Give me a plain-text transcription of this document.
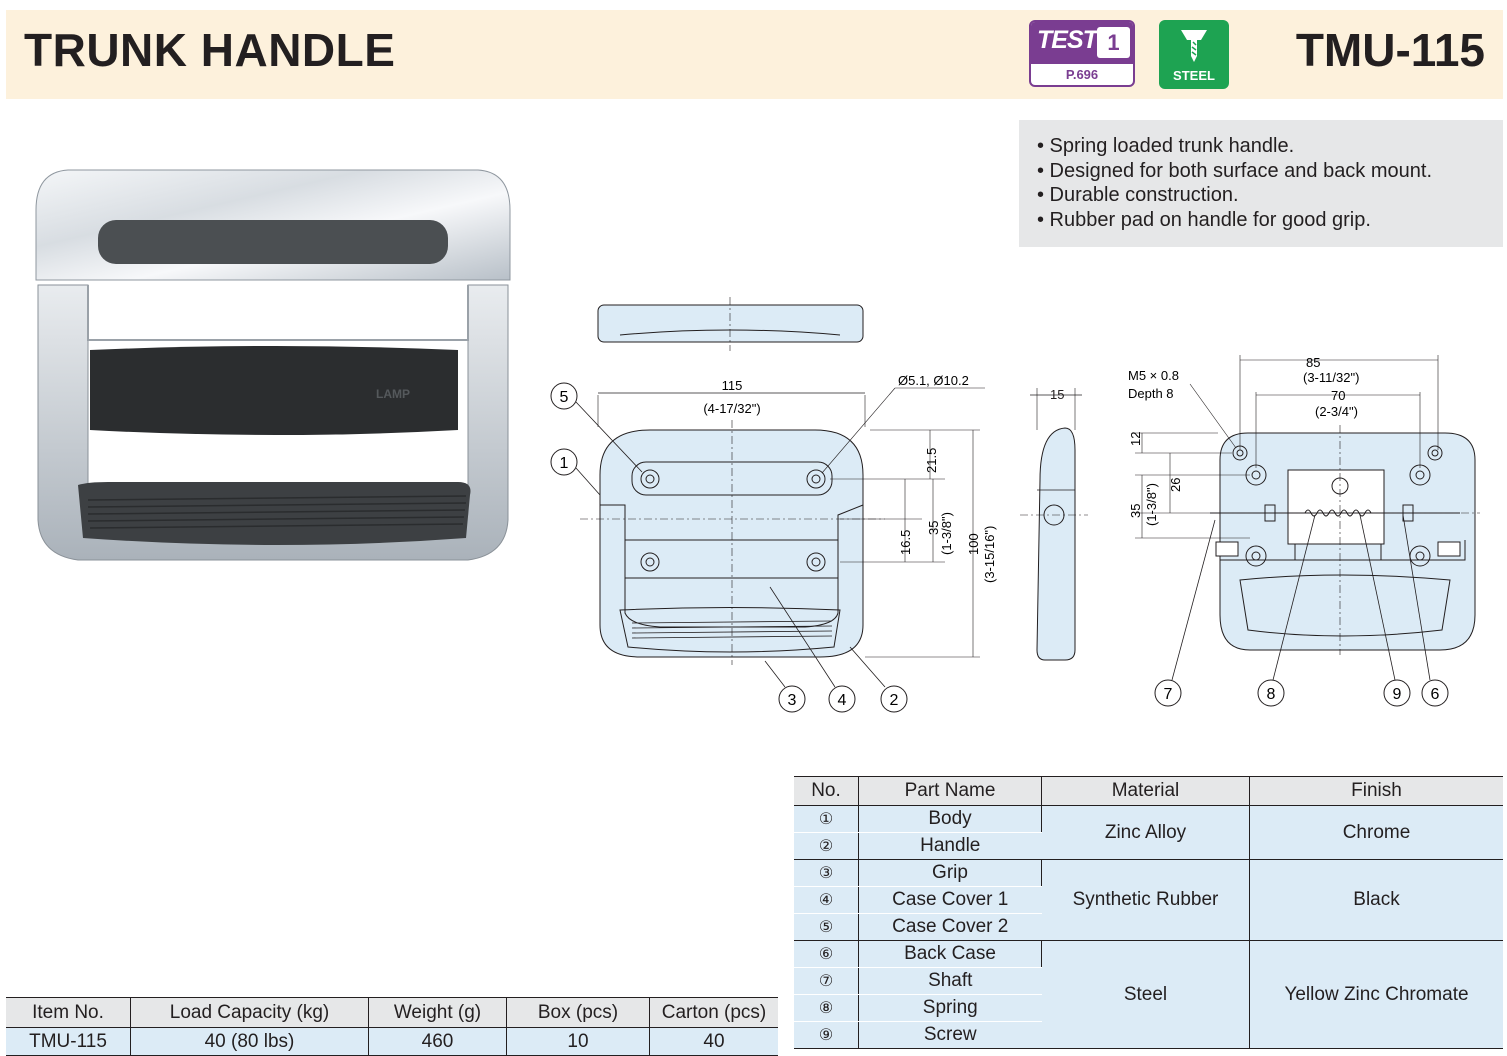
TRUNK HANDLE	TEST 1
P.696	STEEL	TMU-115
• Spring loaded trunk handle.
• Designed for both surface and back mount.
• Durable construction.
• Rubber pad on handle for good grip.
LAMP
115
(4-17/32")
Ø5.1, Ø10.2
21.5
16.5
35
(1-3/8") 100 (3-15/16")
5
1
3	4	2
15
85
(3-11/32")
70
(2-3/4")
M5 × 0.8
Depth 8
12
26
35 (1-3/8")
7	8	9 6
No.	Part Name	Material	Finish
①	Body	Zinc Alloy	Chrome
②	Handle		
③	Grip	Synthetic Rubber	Black
④	Case Cover 1		
⑤	Case Cover 2		
⑥	Back Case	Steel	Yellow Zinc Chromate
⑦	Shaft		
⑧	Spring		
⑨	Screw		
Item No.	Load Capacity (kg)	Weight (g)	Box (pcs)	Carton (pcs)
TMU-115	40 (80 lbs)	460	10	40
